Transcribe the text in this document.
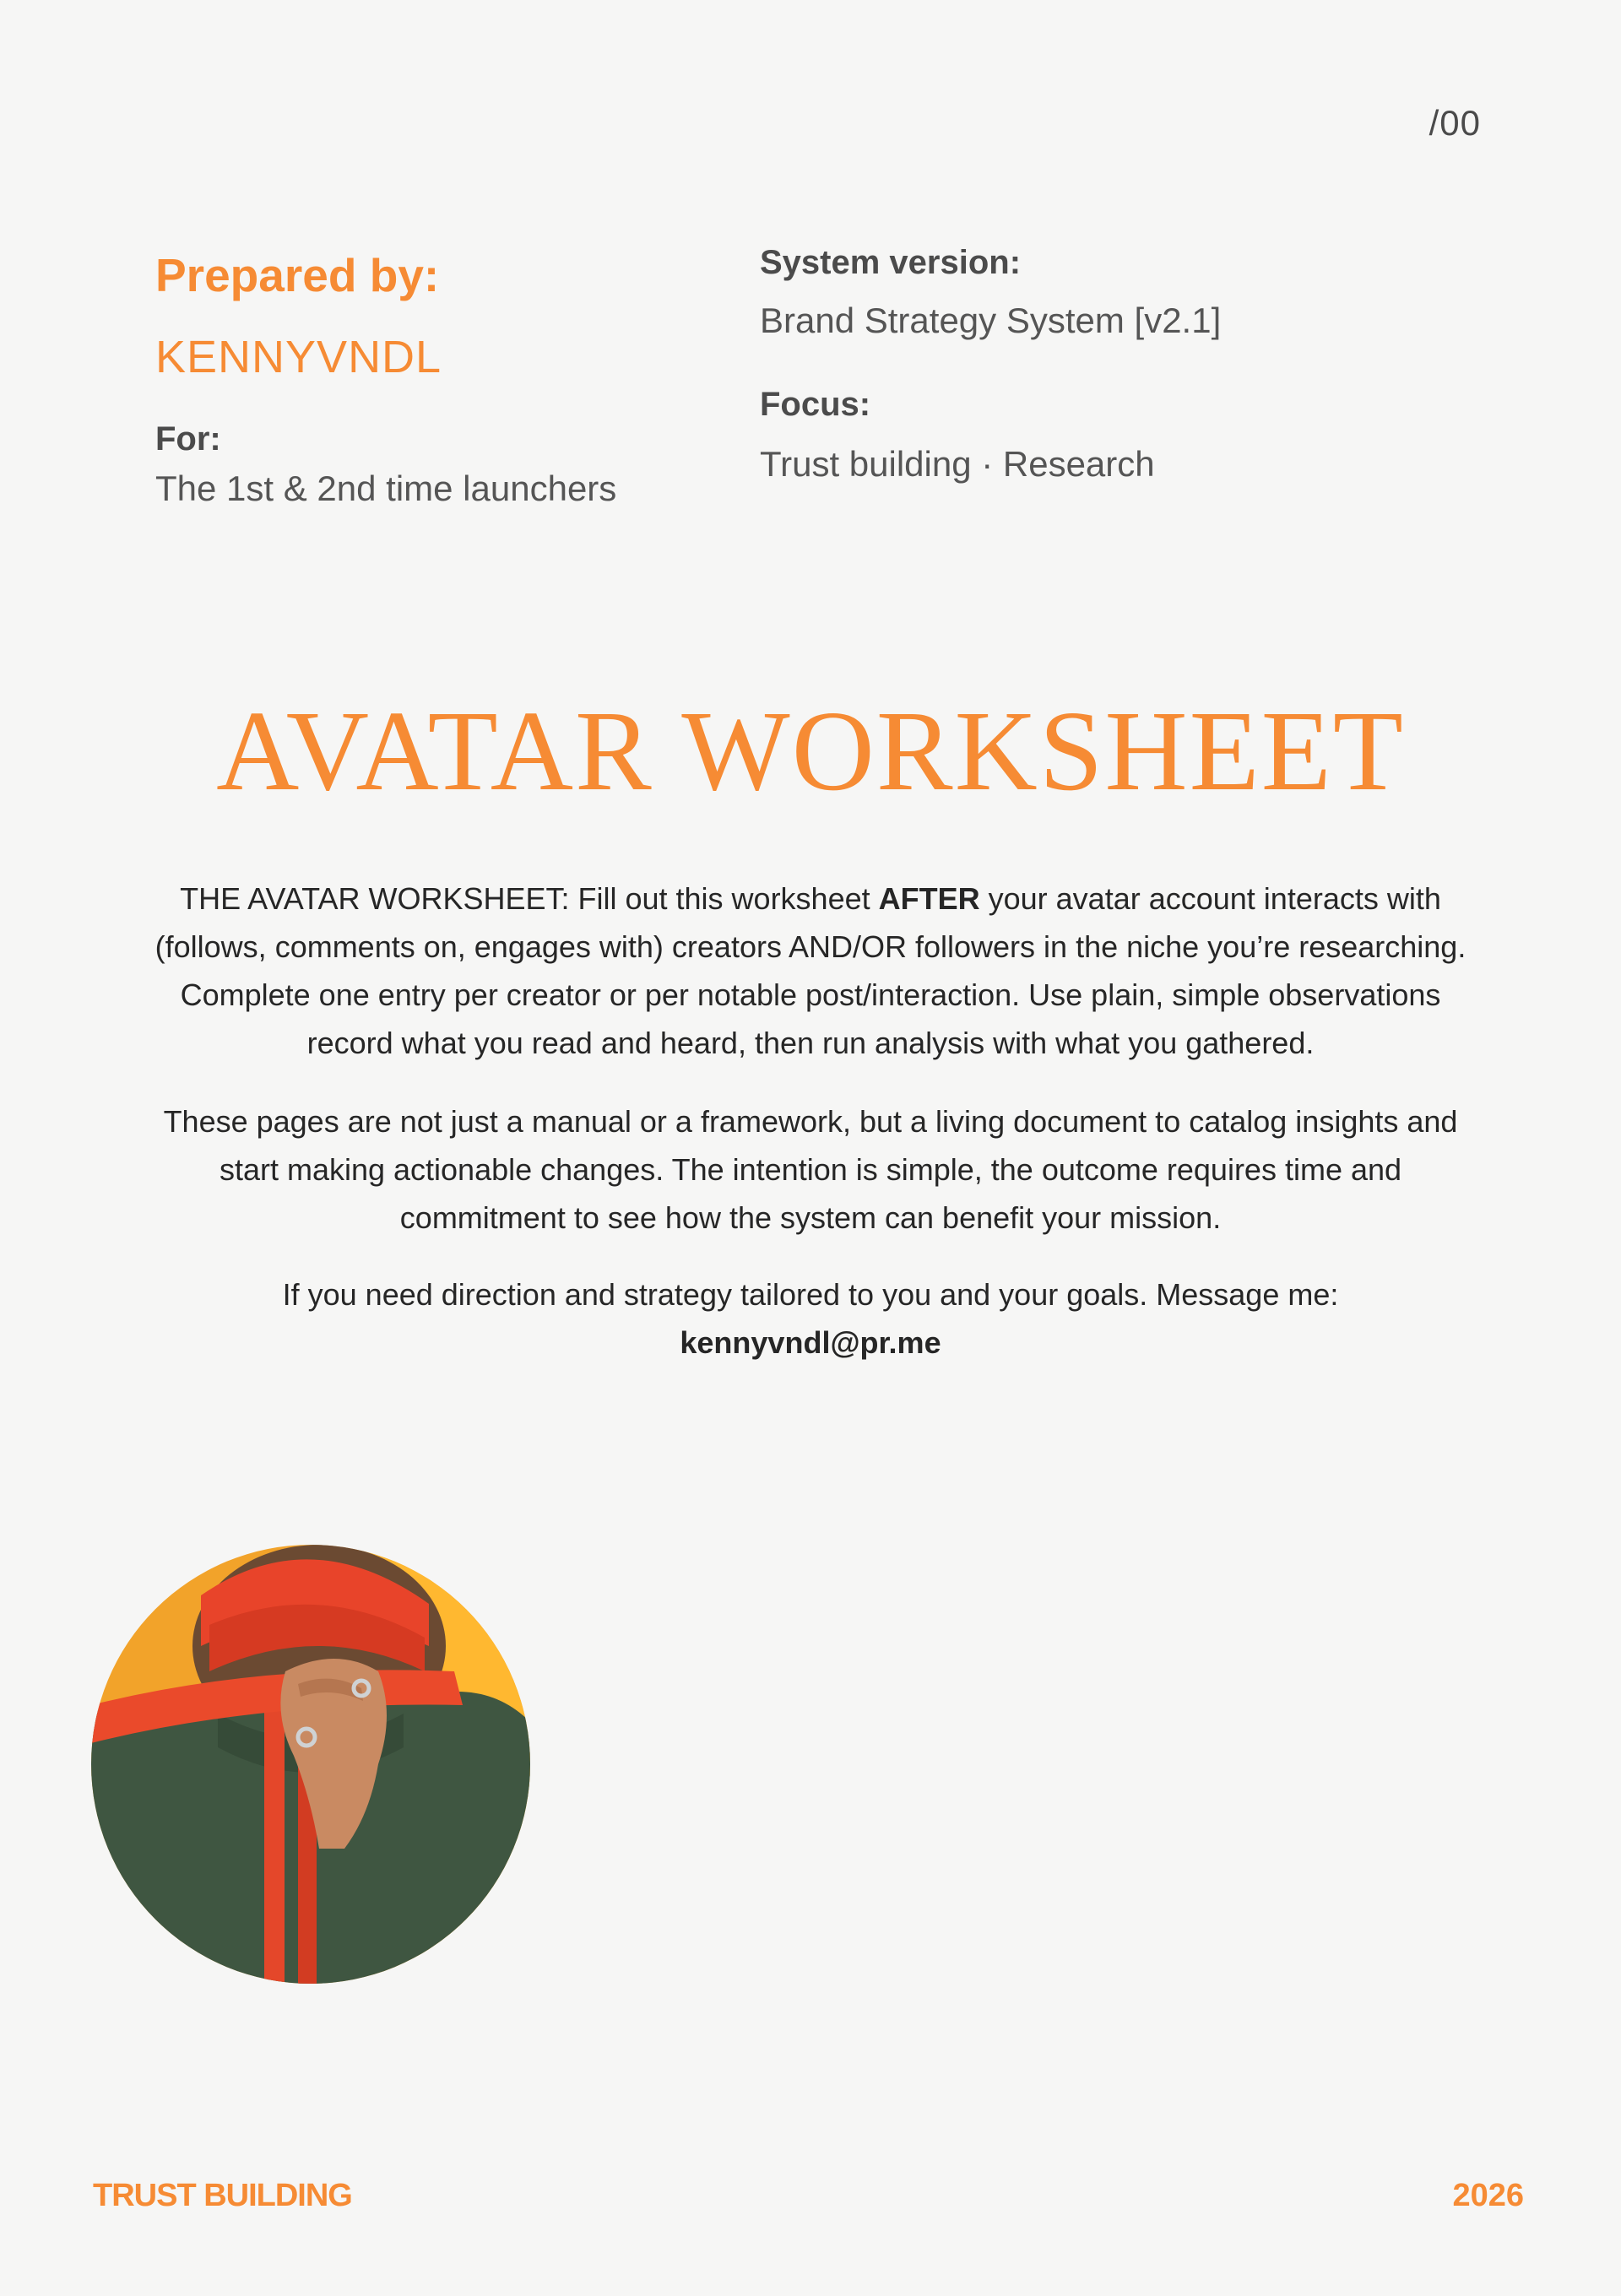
/00
Prepared by:
KENNYVNDL
For:
The 1st & 2nd time launchers
System version:
Brand Strategy System [v2.1]
Focus:
Trust building · Research
AVATAR WORKSHEET

THE AVATAR WORKSHEET: Fill out this worksheet AFTER your avatar account interacts with (follows, comments on, engages with) creators AND/OR followers in the niche you’re researching. Complete one entry per creator or per notable post/interaction. Use plain, simple observations record what you read and heard, then run analysis with what you gathered.

These pages are not just a manual or a framework, but a living document to catalog insights and start making actionable changes. The intention is simple, the outcome requires time and commitment to see how the system can benefit your mission.

If you need direction and strategy tailored to you and your goals. Message me:
kennyvndl@pr.me

TRUST BUILDING	2026
